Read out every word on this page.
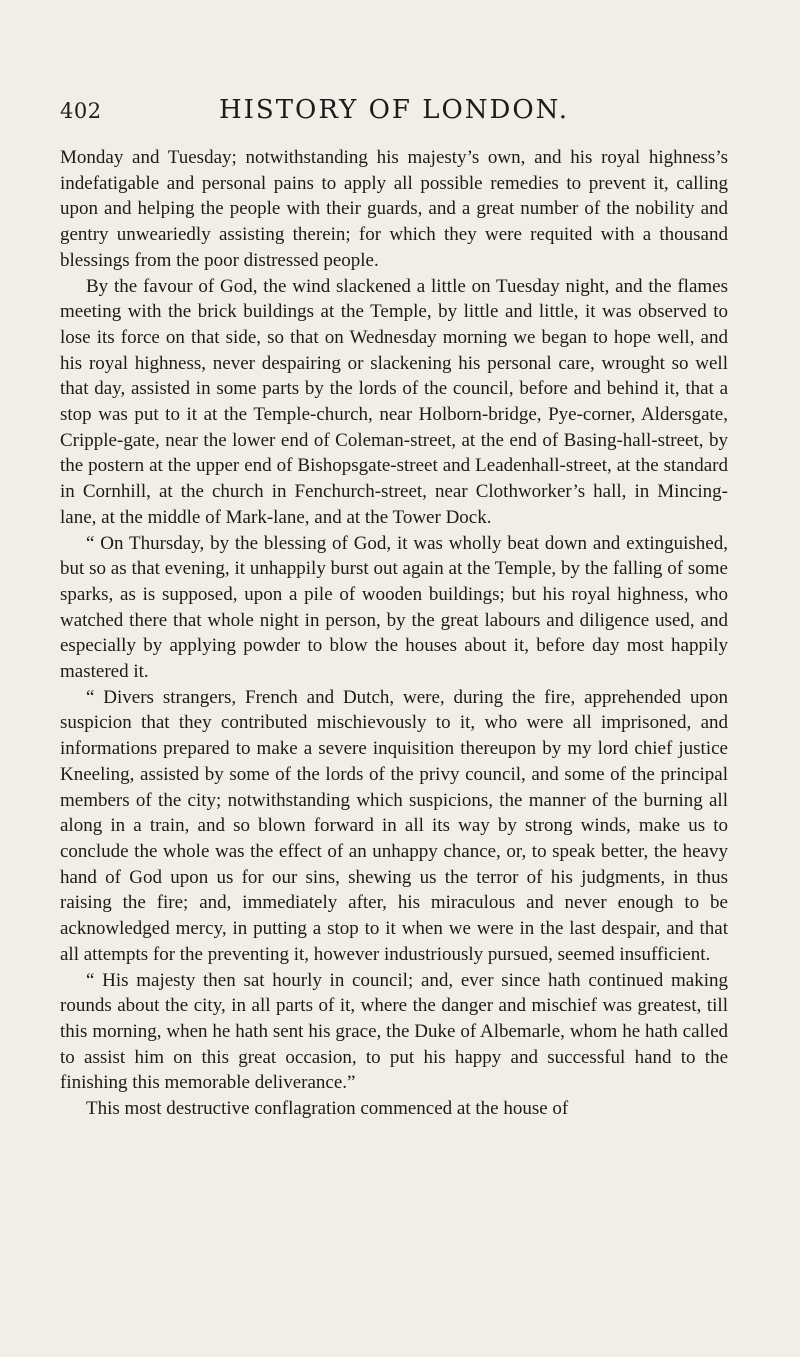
402	HISTORY OF LONDON.

Monday and Tuesday; notwithstanding his majesty’s own, and his royal highness’s indefatigable and personal pains to apply all possible remedies to prevent it, calling upon and helping the people with their guards, and a great number of the nobility and gentry unweariedly assisting therein; for which they were requited with a thousand blessings from the poor distressed people.

By the favour of God, the wind slackened a little on Tuesday night, and the flames meeting with the brick buildings at the Temple, by little and little, it was observed to lose its force on that side, so that on Wednesday morning we began to hope well, and his royal highness, never despairing or slackening his personal care, wrought so well that day, assisted in some parts by the lords of the council, before and behind it, that a stop was put to it at the Temple-church, near Holborn-bridge, Pye-corner, Aldersgate, Cripple-gate, near the lower end of Coleman-street, at the end of Basing-hall-street, by the postern at the upper end of Bishopsgate-street and Leadenhall-street, at the standard in Cornhill, at the church in Fenchurch-street, near Clothworker’s hall, in Mincing-lane, at the middle of Mark-lane, and at the Tower Dock.

“ On Thursday, by the blessing of God, it was wholly beat down and extinguished, but so as that evening, it unhappily burst out again at the Temple, by the falling of some sparks, as is supposed, upon a pile of wooden buildings; but his royal highness, who watched there that whole night in person, by the great labours and diligence used, and especially by applying powder to blow the houses about it, before day most happily mastered it.

“ Divers strangers, French and Dutch, were, during the fire, apprehended upon suspicion that they contributed mischievously to it, who were all imprisoned, and informations prepared to make a severe inquisition thereupon by my lord chief justice Kneeling, assisted by some of the lords of the privy council, and some of the principal members of the city; notwithstanding which suspicions, the manner of the burning all along in a train, and so blown forward in all its way by strong winds, make us to conclude the whole was the effect of an unhappy chance, or, to speak better, the heavy hand of God upon us for our sins, shewing us the terror of his judgments, in thus raising the fire; and, immediately after, his miraculous and never enough to be acknowledged mercy, in putting a stop to it when we were in the last despair, and that all attempts for the preventing it, however industriously pursued, seemed insufficient.

“ His majesty then sat hourly in council; and, ever since hath continued making rounds about the city, in all parts of it, where the danger and mischief was greatest, till this morning, when he hath sent his grace, the Duke of Albemarle, whom he hath called to assist him on this great occasion, to put his happy and successful hand to the finishing this memorable deliverance.”

This most destructive conflagration commenced at the house of
